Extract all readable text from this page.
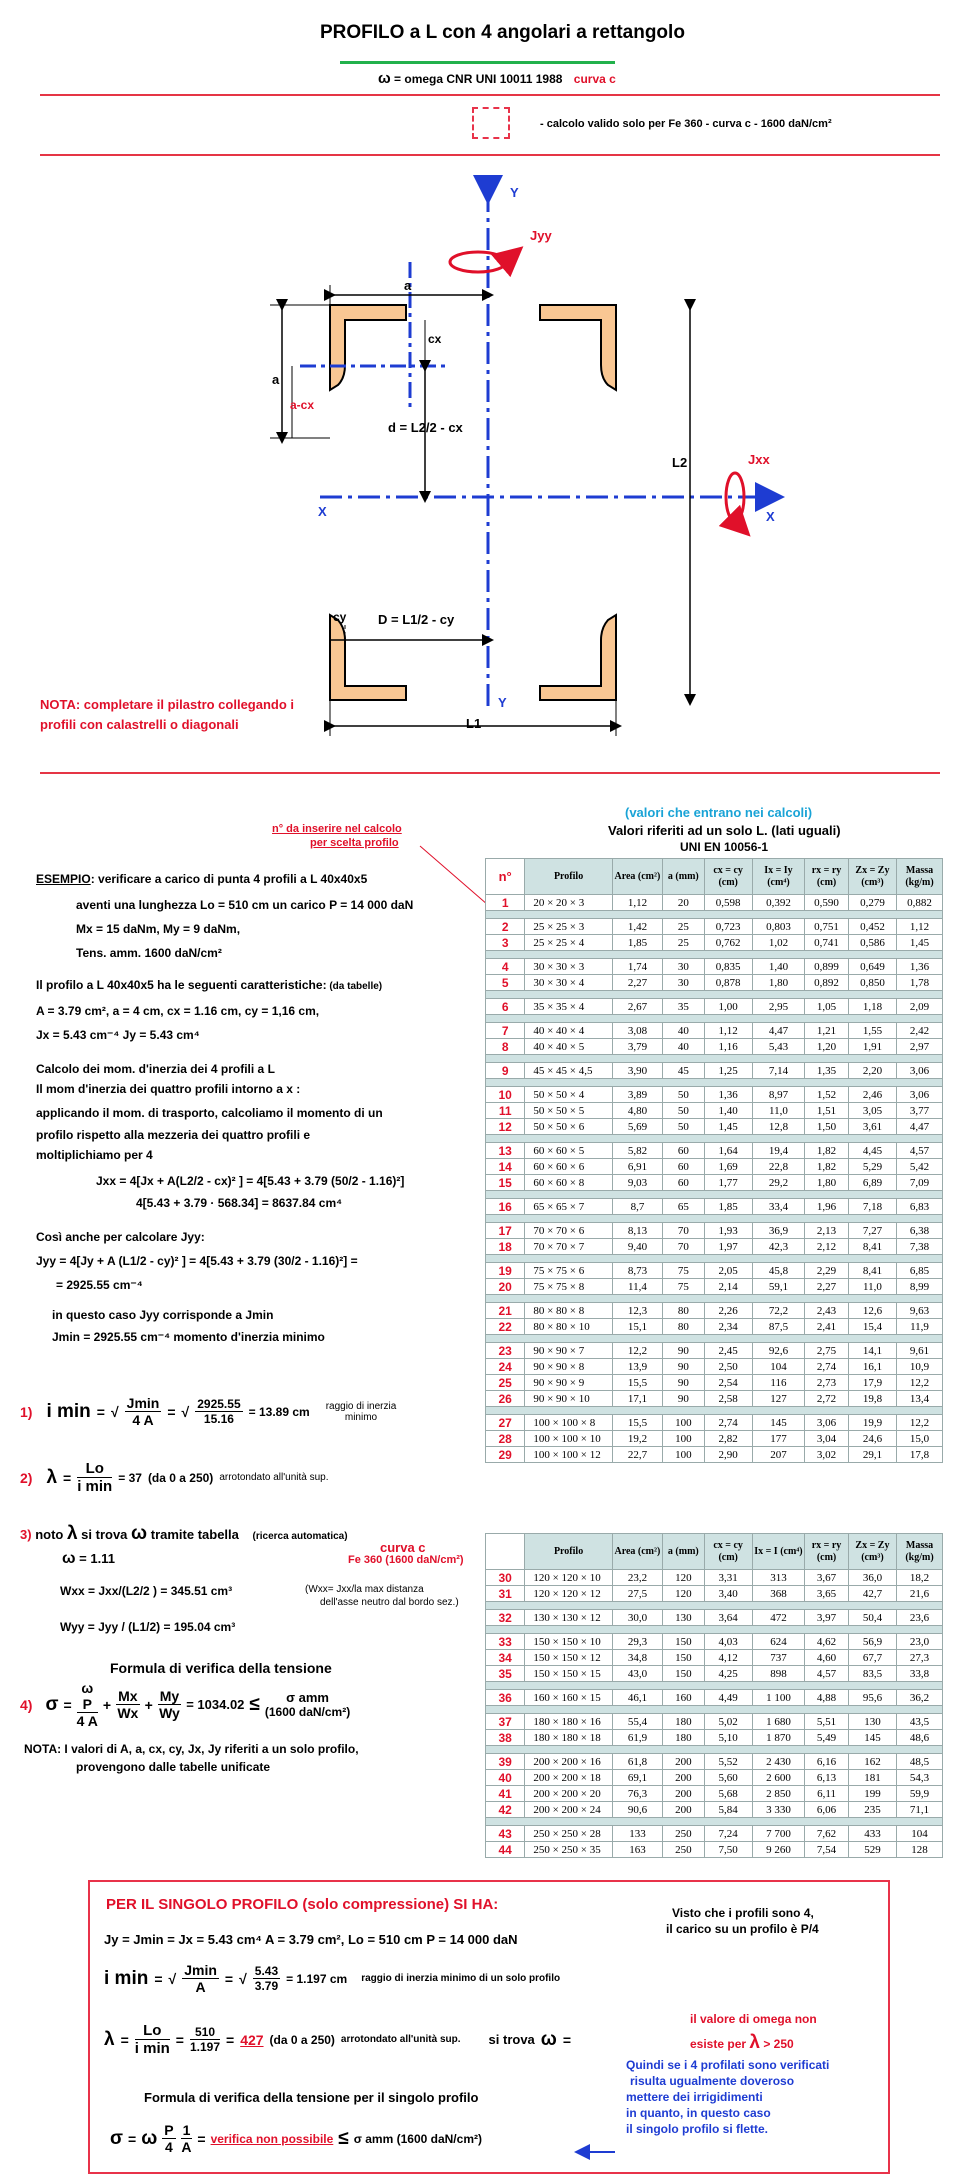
PROFILO a L con 4 angolari a rettangolo
ω = omega CNR UNI 10011 1988 curva c
- calcolo valido solo per Fe 360 - curva c - 1600 daN/cm²
Y
Y
X	X
Jyy
Jxx
a
a
a-cx
cx
d = L2/2 - cx
cy D = L1/2 - cy
L1
L2
NOTA: completare il pilastro collegando i
profili con calastrelli o diagonali
n° da inserire nel calcolo
per scelta profilo
(valori che entrano nei calcoli)
Valori riferiti ad un solo L. (lati uguali)
UNI EN 10056-1
n°	Profilo	Area (cm²)	a (mm)	cx = cy (cm)	Ix = Iy (cm⁴)	rx = ry (cm)	Zx = Zy (cm³)	Massa (kg/m)
1	20 × 20 × 3	1,12	20	0,598	0,392	0,590	0,279	0,882

2	25 × 25 × 3	1,42	25	0,723	0,803	0,751	0,452	1,12
3	25 × 25 × 4	1,85	25	0,762	1,02	0,741	0,586	1,45

4	30 × 30 × 3	1,74	30	0,835	1,40	0,899	0,649	1,36
5	30 × 30 × 4	2,27	30	0,878	1,80	0,892	0,850	1,78

6	35 × 35 × 4	2,67	35	1,00	2,95	1,05	1,18	2,09

7	40 × 40 × 4	3,08	40	1,12	4,47	1,21	1,55	2,42
8	40 × 40 × 5	3,79	40	1,16	5,43	1,20	1,91	2,97

9	45 × 45 × 4,5	3,90	45	1,25	7,14	1,35	2,20	3,06

10	50 × 50 × 4	3,89	50	1,36	8,97	1,52	2,46	3,06
11	50 × 50 × 5	4,80	50	1,40	11,0	1,51	3,05	3,77
12	50 × 50 × 6	5,69	50	1,45	12,8	1,50	3,61	4,47

13	60 × 60 × 5	5,82	60	1,64	19,4	1,82	4,45	4,57
14	60 × 60 × 6	6,91	60	1,69	22,8	1,82	5,29	5,42
15	60 × 60 × 8	9,03	60	1,77	29,2	1,80	6,89	7,09

16	65 × 65 × 7	8,7	65	1,85	33,4	1,96	7,18	6,83

17	70 × 70 × 6	8,13	70	1,93	36,9	2,13	7,27	6,38
18	70 × 70 × 7	9,40	70	1,97	42,3	2,12	8,41	7,38

19	75 × 75 × 6	8,73	75	2,05	45,8	2,29	8,41	6,85
20	75 × 75 × 8	11,4	75	2,14	59,1	2,27	11,0	8,99

21	80 × 80 × 8	12,3	80	2,26	72,2	2,43	12,6	9,63
22	80 × 80 × 10	15,1	80	2,34	87,5	2,41	15,4	11,9

23	90 × 90 × 7	12,2	90	2,45	92,6	2,75	14,1	9,61
24	90 × 90 × 8	13,9	90	2,50	104	2,74	16,1	10,9
25	90 × 90 × 9	15,5	90	2,54	116	2,73	17,9	12,2
26	90 × 90 × 10	17,1	90	2,58	127	2,72	19,8	13,4

27	100 × 100 × 8	15,5	100	2,74	145	3,06	19,9	12,2
28	100 × 100 × 10	19,2	100	2,82	177	3,04	24,6	15,0
29	100 × 100 × 12	22,7	100	2,90	207	3,02	29,1	17,8
	Profilo	Area (cm²)	a (mm)	cx = cy (cm)	Ix = I (cm⁴)	rx = ry (cm)	Zx = Zy (cm³)	Massa (kg/m)
30	120 × 120 × 10	23,2	120	3,31	313	3,67	36,0	18,2
31	120 × 120 × 12	27,5	120	3,40	368	3,65	42,7	21,6

32	130 × 130 × 12	30,0	130	3,64	472	3,97	50,4	23,6

33	150 × 150 × 10	29,3	150	4,03	624	4,62	56,9	23,0
34	150 × 150 × 12	34,8	150	4,12	737	4,60	67,7	27,3
35	150 × 150 × 15	43,0	150	4,25	898	4,57	83,5	33,8

36	160 × 160 × 15	46,1	160	4,49	1 100	4,88	95,6	36,2

37	180 × 180 × 16	55,4	180	5,02	1 680	5,51	130	43,5
38	180 × 180 × 18	61,9	180	5,10	1 870	5,49	145	48,6

39	200 × 200 × 16	61,8	200	5,52	2 430	6,16	162	48,5
40	200 × 200 × 18	69,1	200	5,60	2 600	6,13	181	54,3
41	200 × 200 × 20	76,3	200	5,68	2 850	6,11	199	59,9
42	200 × 200 × 24	90,6	200	5,84	3 330	6,06	235	71,1

43	250 × 250 × 28	133	250	7,24	7 700	7,62	433	104
44	250 × 250 × 35	163	250	7,50	9 260	7,54	529	128
ESEMPIO: verificare a carico di punta 4 profili a L 40x40x5
aventi una lunghezza Lo = 510 cm un carico P = 14 000 daN
Mx = 15 daNm, My = 9 daNm,
Tens. amm. 1600 daN/cm²
Il profilo a L 40x40x5 ha le seguenti caratteristiche: (da tabelle)
A = 3.79 cm², a = 4 cm, cx = 1.16 cm, cy = 1,16 cm,
Jx = 5.43 cm⁻⁴ Jy = 5.43 cm⁴
Calcolo dei mom. d'inerzia dei 4 profili a L
Il mom d'inerzia dei quattro profili intorno a x :
applicando il mom. di trasporto, calcoliamo il momento di un
profilo rispetto alla mezzeria dei quattro profili e
moltiplichiamo per 4
Jxx = 4[Jx + A(L2/2 - cx)² ] = 4[5.43 + 3.79 (50/2 - 1.16)²]
4[5.43 + 3.79 · 568.34] = 8637.84 cm⁴
Così anche per calcolare Jyy:
Jyy = 4[Jy + A (L1/2 - cy)² ] = 4[5.43 + 3.79 (30/2 - 1.16)²] =
= 2925.55 cm⁻⁴
in questo caso Jyy corrisponde a Jmin
Jmin = 2925.55 cm⁻⁴ momento d'inerzia minimo
1) i min = √ $\frac{Jmin}{4 A}$ = √ $\frac{2925.55}{15.16} = 13.89$ cm raggio di inerzia
minimo
2) $\lambda = \frac{Lo}{\text{i min}} = 37$ (da 0 a 250) arrotondato all'unità sup.
3) noto λ si trova ω tramite tabella (ricerca automatica)
curva c
Fe 360 (1600 daN/cm²)
ω = 1.11
Wxx = Jxx/(L2/2 ) = 345.51 cm³	(Wxx= Jxx/la max distanza
dell'asse neutro dal bordo sez.)
Wyy = Jyy / (L1/2) = 195.04 cm³
Formula di verifica della tensione
4) σ = ω
P
4 $A + \frac{Mx}{Wx} + \frac{My}{Wy} = 1034.02$ ≤	σ amm
(1600 daN/cm²)
NOTA: I valori di A, a, cx, cy, Jx, Jy riferiti a un solo profilo,
provengono dalle tabelle unificate
PER IL SINGOLO PROFILO (solo compressione) SI HA:	Visto che i profili sono 4,
il carico su un profilo è P/4
Jy = Jmin = Jx = 5.43 cm⁴ A = 3.79 cm², Lo = 510 cm P = 14 000 daN
i min = √ $\frac{Jmin}{A}$ = √ $\frac{5.43}{3.79} = 1.197$ cm raggio di inerzia minimo di un solo profilo
$\lambda = \frac{Lo}{\text{i min}} = \frac{510}{1.197} = 427$ (da 0 a 250) arrotondato all'unità sup. si trova ω =
il valore di omega non
esiste per λ > 250
Quindi se i 4 profilati sono verificati
risulta ugualmente doveroso
mettere dei irrigidimenti
in quanto, in questo caso
il singolo profilo si flette.
Formula di verifica della tensione per il singolo profilo
σ = ω $\frac{P}{4} \frac{1}{A}$ = verifica non possibile ≤ σ amm (1600 daN/cm²)
